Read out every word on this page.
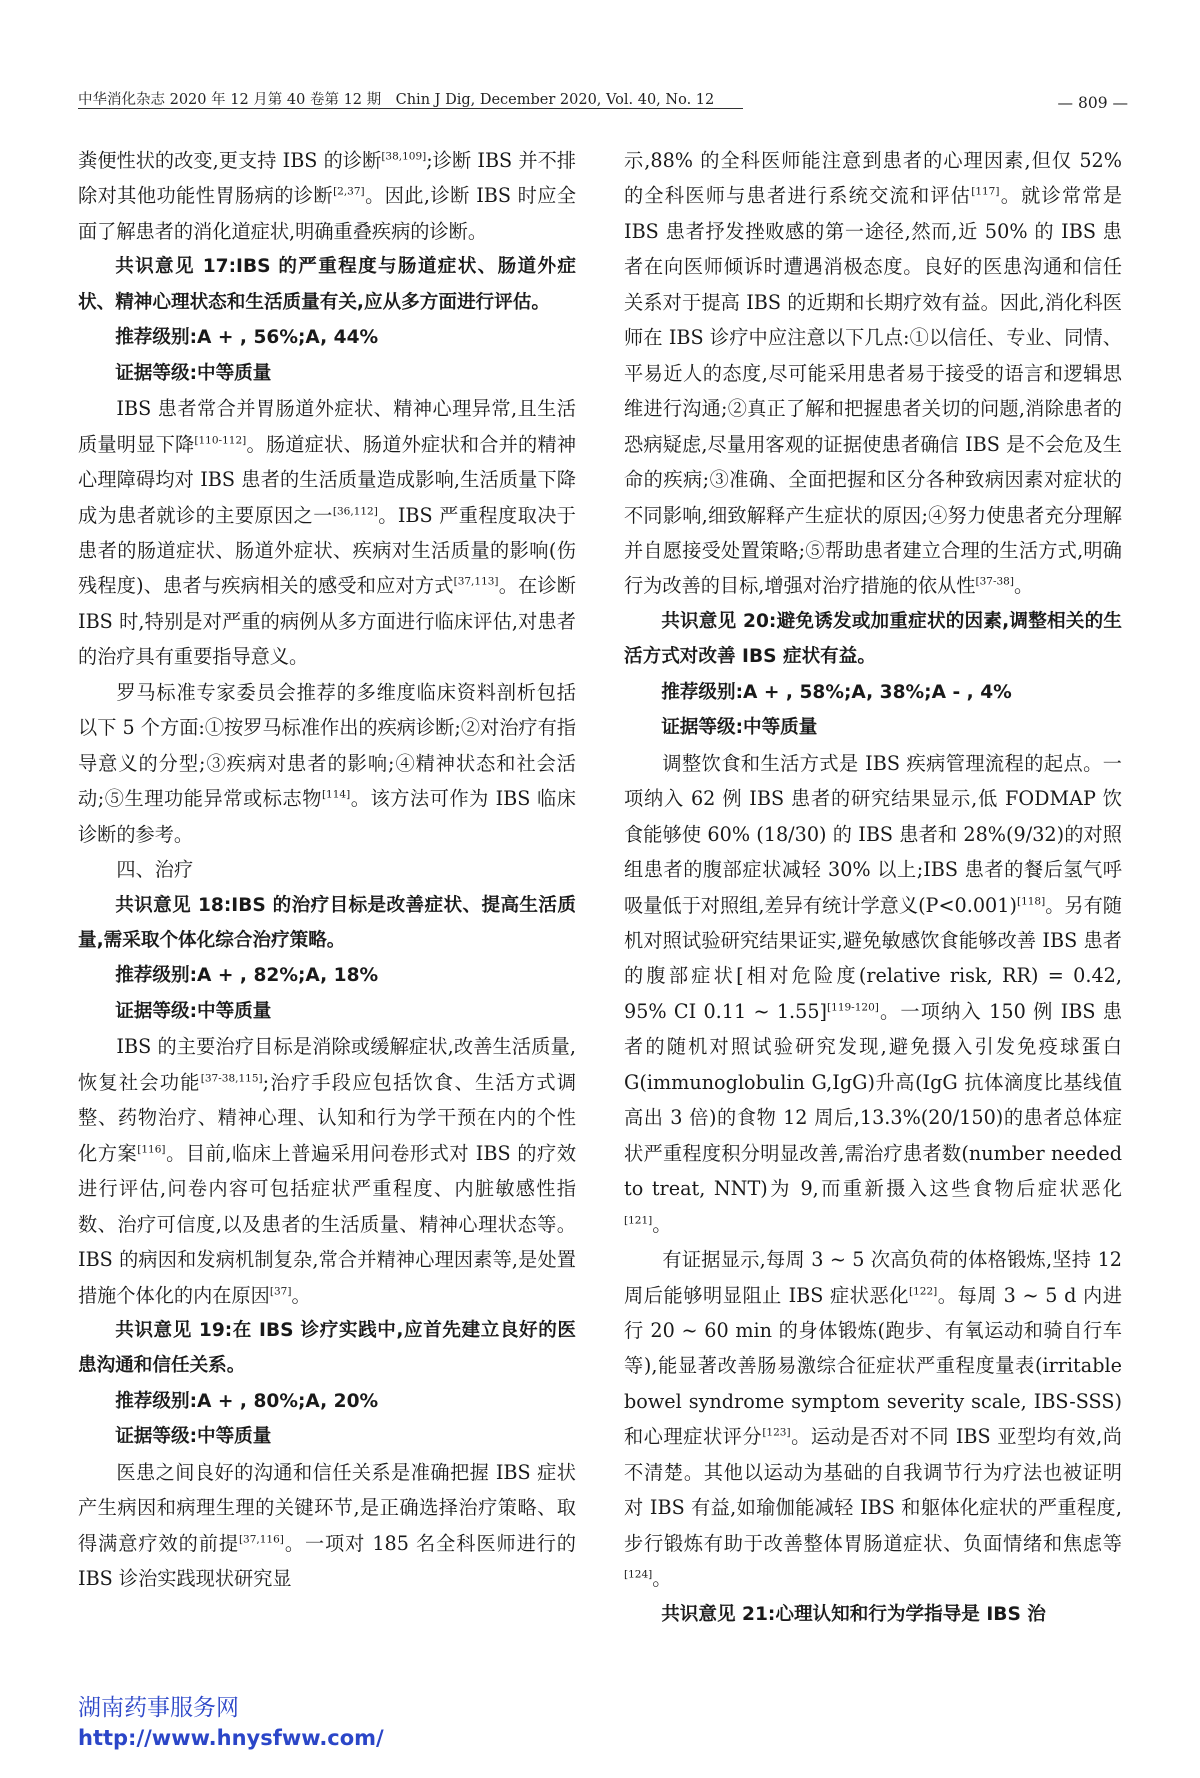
中华消化杂志 2020 年 12 月第 40 卷第 12 期　Chin J Dig, December 2020, Vol. 40, No. 12	— 809 —

粪便性状的改变,更支持 IBS 的诊断[38,109];诊断 IBS 并不排除对其他功能性胃肠病的诊断[2,37]。因此,诊断 IBS 时应全面了解患者的消化道症状,明确重叠疾病的诊断。

共识意见 17:IBS 的严重程度与肠道症状、肠道外症状、精神心理状态和生活质量有关,应从多方面进行评估。

推荐级别:A + , 56%;A, 44%

证据等级:中等质量

IBS 患者常合并胃肠道外症状、精神心理异常,且生活质量明显下降[110-112]。肠道症状、肠道外症状和合并的精神心理障碍均对 IBS 患者的生活质量造成影响,生活质量下降成为患者就诊的主要原因之一[36,112]。IBS 严重程度取决于患者的肠道症状、肠道外症状、疾病对生活质量的影响(伤残程度)、患者与疾病相关的感受和应对方式[37,113]。在诊断 IBS 时,特别是对严重的病例从多方面进行临床评估,对患者的治疗具有重要指导意义。

罗马标准专家委员会推荐的多维度临床资料剖析包括以下 5 个方面:①按罗马标准作出的疾病诊断;②对治疗有指导意义的分型;③疾病对患者的影响;④精神状态和社会活动;⑤生理功能异常或标志物[114]。该方法可作为 IBS 临床诊断的参考。

四、治疗

共识意见 18:IBS 的治疗目标是改善症状、提高生活质量,需采取个体化综合治疗策略。

推荐级别:A + , 82%;A, 18%

证据等级:中等质量

IBS 的主要治疗目标是消除或缓解症状,改善生活质量,恢复社会功能[37-38,115];治疗手段应包括饮食、生活方式调整、药物治疗、精神心理、认知和行为学干预在内的个性化方案[116]。目前,临床上普遍采用问卷形式对 IBS 的疗效进行评估,问卷内容可包括症状严重程度、内脏敏感性指数、治疗可信度,以及患者的生活质量、精神心理状态等。IBS 的病因和发病机制复杂,常合并精神心理因素等,是处置措施个体化的内在原因[37]。

共识意见 19:在 IBS 诊疗实践中,应首先建立良好的医患沟通和信任关系。

推荐级别:A + , 80%;A, 20%

证据等级:中等质量

医患之间良好的沟通和信任关系是准确把握 IBS 症状产生病因和病理生理的关键环节,是正确选择治疗策略、取得满意疗效的前提[37,116]。一项对 185 名全科医师进行的 IBS 诊治实践现状研究显

示,88% 的全科医师能注意到患者的心理因素,但仅 52% 的全科医师与患者进行系统交流和评估[117]。就诊常常是 IBS 患者抒发挫败感的第一途径,然而,近 50% 的 IBS 患者在向医师倾诉时遭遇消极态度。良好的医患沟通和信任关系对于提高 IBS 的近期和长期疗效有益。因此,消化科医师在 IBS 诊疗中应注意以下几点:①以信任、专业、同情、平易近人的态度,尽可能采用患者易于接受的语言和逻辑思维进行沟通;②真正了解和把握患者关切的问题,消除患者的恐病疑虑,尽量用客观的证据使患者确信 IBS 是不会危及生命的疾病;③准确、全面把握和区分各种致病因素对症状的不同影响,细致解释产生症状的原因;④努力使患者充分理解并自愿接受处置策略;⑤帮助患者建立合理的生活方式,明确行为改善的目标,增强对治疗措施的依从性[37-38]。

共识意见 20:避免诱发或加重症状的因素,调整相关的生活方式对改善 IBS 症状有益。

推荐级别:A + , 58%;A, 38%;A - , 4%

证据等级:中等质量

调整饮食和生活方式是 IBS 疾病管理流程的起点。一项纳入 62 例 IBS 患者的研究结果显示,低 FODMAP 饮食能够使 60% (18/30) 的 IBS 患者和 28%(9/32)的对照组患者的腹部症状减轻 30% 以上;IBS 患者的餐后氢气呼吸量低于对照组,差异有统计学意义(P<0.001)[118]。另有随机对照试验研究结果证实,避免敏感饮食能够改善 IBS 患者的腹部症状[相对危险度(relative risk, RR) = 0.42, 95% CI 0.11 ~ 1.55][119-120]。一项纳入 150 例 IBS 患者的随机对照试验研究发现,避免摄入引发免疫球蛋白 G(immunoglobulin G,IgG)升高(IgG 抗体滴度比基线值高出 3 倍)的食物 12 周后,13.3%(20/150)的患者总体症状严重程度积分明显改善,需治疗患者数(number needed to treat, NNT)为 9,而重新摄入这些食物后症状恶化[121]。

有证据显示,每周 3 ~ 5 次高负荷的体格锻炼,坚持 12 周后能够明显阻止 IBS 症状恶化[122]。每周 3 ~ 5 d 内进行 20 ~ 60 min 的身体锻炼(跑步、有氧运动和骑自行车等),能显著改善肠易激综合征症状严重程度量表(irritable bowel syndrome symptom severity scale, IBS-SSS)和心理症状评分[123]。运动是否对不同 IBS 亚型均有效,尚不清楚。其他以运动为基础的自我调节行为疗法也被证明对 IBS 有益,如瑜伽能减轻 IBS 和躯体化症状的严重程度,步行锻炼有助于改善整体胃肠道症状、负面情绪和焦虑等[124]。

共识意见 21:心理认知和行为学指导是 IBS 治

湖南药事服务网
http://www.hnysfww.com/
